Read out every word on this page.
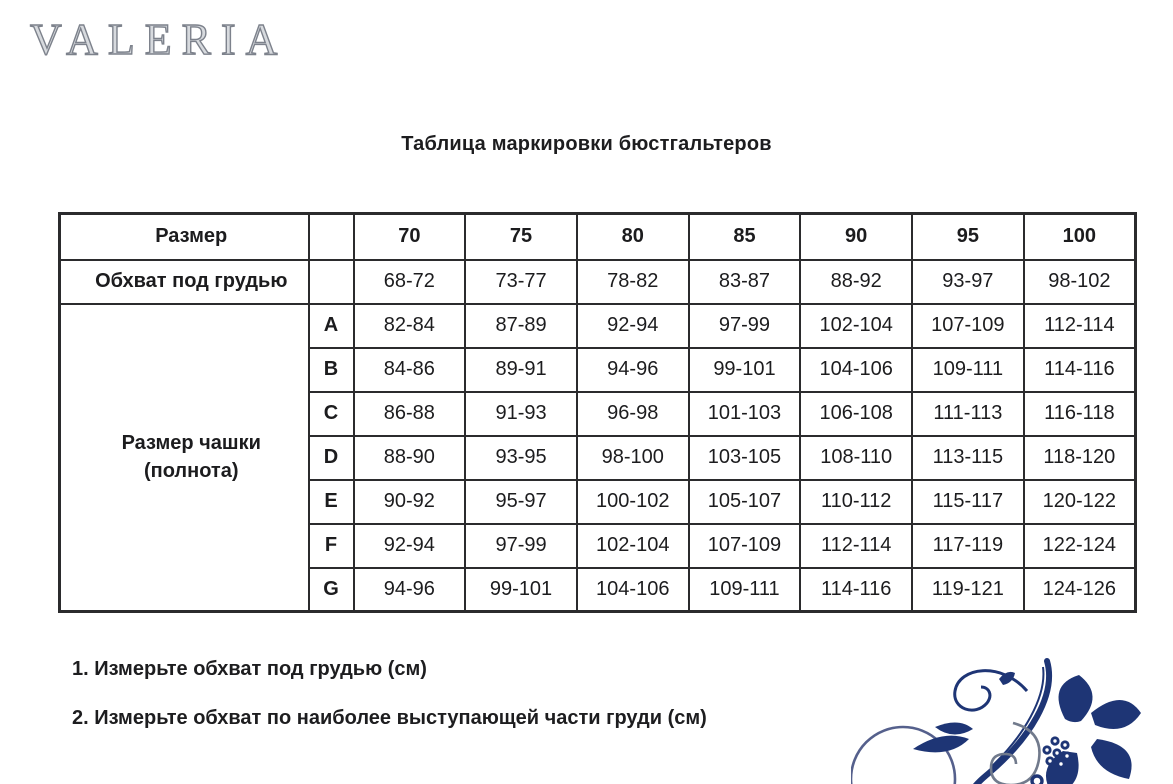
VALERIA
Таблица маркировки бюстгальтеров
Размер		70	75	80	85	90	95	100
Обхват под грудью		68-72	73-77	78-82	83-87	88-92	93-97	98-102

Размер чашки
(полнота)	A	82-84	87-89	92-94	97-99	102-104	107-109	112-114
	B	84-86	89-91	94-96	99-101	104-106	109-111	114-116
	C	86-88	91-93	96-98	101-103	106-108	111-113	116-118
	D	88-90	93-95	98-100	103-105	108-110	113-115	118-120
	E	90-92	95-97	100-102	105-107	110-112	115-117	120-122
	F	92-94	97-99	102-104	107-109	112-114	117-119	122-124
	G	94-96	99-101	104-106	109-111	114-116	119-121	124-126
1. Измерьте обхват под грудью (см)
2. Измерьте обхват по наиболее выступающей части груди (см)
